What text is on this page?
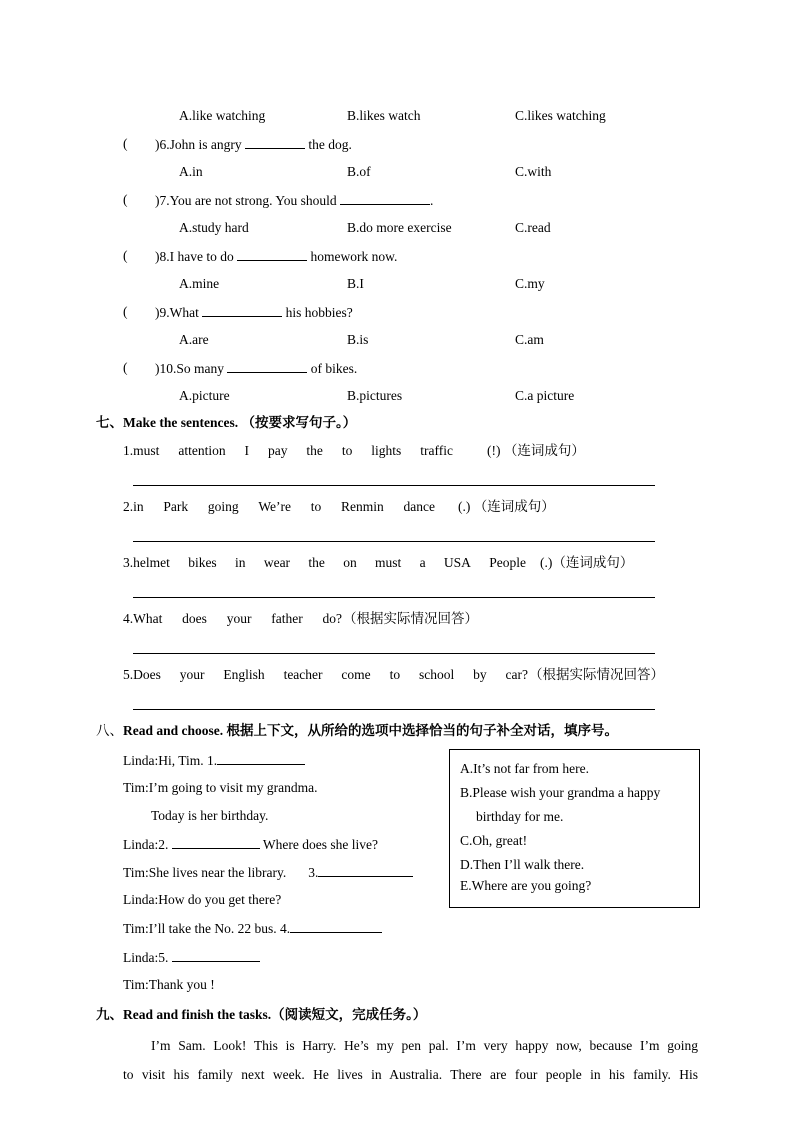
A.like watching	B.likes watch	C.likes watching
( )6.John is angry	the dog.
A.in	B.of	C.with
( )7.You are not strong. You should	.
A.study hard	B.do more exercise	C.read
( )8.I have to do	homework now.
A.mine	B.I	C.my
( )9.What	his hobbies?
A.are	B.is	C.am
( )10.So many	of bikes.
A.picture	B.pictures	C.a picture
七、Make the sentences. （按要求写句子。）
1.must attention I pay the to lights traffic	(!) （连词成句）
2.in Park going We’re to Renmin dance (.) （连词成句）
3.helmet bikes in wear the on must a USA People (.)（连词成句）
4.What does your father do? （根据实际情况回答）
5.Does your English teacher come to school by car? （根据实际情况回答）
八、Read and choose. 根据上下文，从所给的选项中选择恰当的句子补全对话，填序号。
Linda:Hi, Tim. 1.
Tim:I’m going to visit my grandma.
Today is her birthday.
Linda:2.	Where does she live?
Tim:She lives near the library. 3.
Linda:How do you get there?
Tim:I’ll take the No. 22 bus. 4.
Linda:5.
Tim:Thank you !
A.It’s not far from here.
B.Please wish your grandma a happy
birthday for me.
C.Oh, great!
D.Then I’ll walk there.
E.Where are you going?
九、Read and finish the tasks.（阅读短文，完成任务。）
I’m Sam. Look! This is Harry. He’s my pen pal. I’m very happy now, because I’m going
to visit his family next week. He lives in Australia. There are four people in his family. His
